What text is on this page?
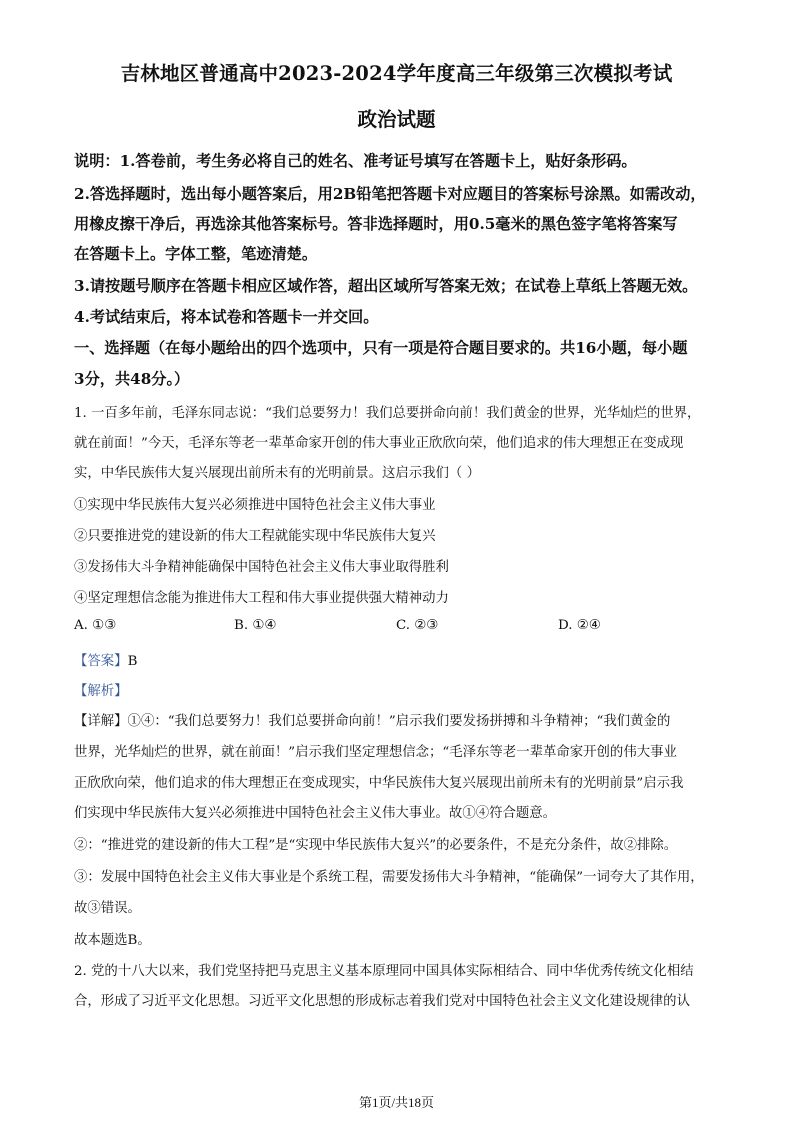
吉林地区普通高中2023-2024学年度高三年级第三次模拟考试
政治试题
说明：1.答卷前，考生务必将自己的姓名、准考证号填写在答题卡上，贴好条形码。
2.答选择题时，选出每小题答案后，用2B铅笔把答题卡对应题目的答案标号涂黑。如需改动，
用橡皮擦干净后，再选涂其他答案标号。答非选择题时，用0.5毫米的黑色签字笔将答案写
在答题卡上。字体工整，笔迹清楚。
3.请按题号顺序在答题卡相应区域作答，超出区域所写答案无效；在试卷上草纸上答题无效。
4.考试结束后，将本试卷和答题卡一并交回。
一、选择题（在每小题给出的四个选项中，只有一项是符合题目要求的。共16小题，每小题
3分，共48分。）
1. 一百多年前，毛泽东同志说：“我们总要努力！我们总要拼命向前！我们黄金的世界，光华灿烂的世界，
就在前面！”今天，毛泽东等老一辈革命家开创的伟大事业正欣欣向荣，他们追求的伟大理想正在变成现
实，中华民族伟大复兴展现出前所未有的光明前景。这启示我们（ ）
①实现中华民族伟大复兴必须推进中国特色社会主义伟大事业
②只要推进党的建设新的伟大工程就能实现中华民族伟大复兴
③发扬伟大斗争精神能确保中国特色社会主义伟大事业取得胜利
④坚定理想信念能为推进伟大工程和伟大事业提供强大精神动力
A. ①③	B. ①④	C. ②③	D. ②④
【答案】B
【解析】
【详解】①④：“我们总要努力！我们总要拼命向前！”启示我们要发扬拼搏和斗争精神；“我们黄金的
世界，光华灿烂的世界，就在前面！”启示我们坚定理想信念；“毛泽东等老一辈革命家开创的伟大事业
正欣欣向荣，他们追求的伟大理想正在变成现实，中华民族伟大复兴展现出前所未有的光明前景”启示我
们实现中华民族伟大复兴必须推进中国特色社会主义伟大事业。故①④符合题意。
②：“推进党的建设新的伟大工程”是“实现中华民族伟大复兴”的必要条件，不是充分条件，故②排除。
③：发展中国特色社会主义伟大事业是个系统工程，需要发扬伟大斗争精神，“能确保”一词夸大了其作用，
故③错误。
故本题选B。
2. 党的十八大以来，我们党坚持把马克思主义基本原理同中国具体实际相结合、同中华优秀传统文化相结
合，形成了习近平文化思想。习近平文化思想的形成标志着我们党对中国特色社会主义文化建设规律的认
第1页/共18页
